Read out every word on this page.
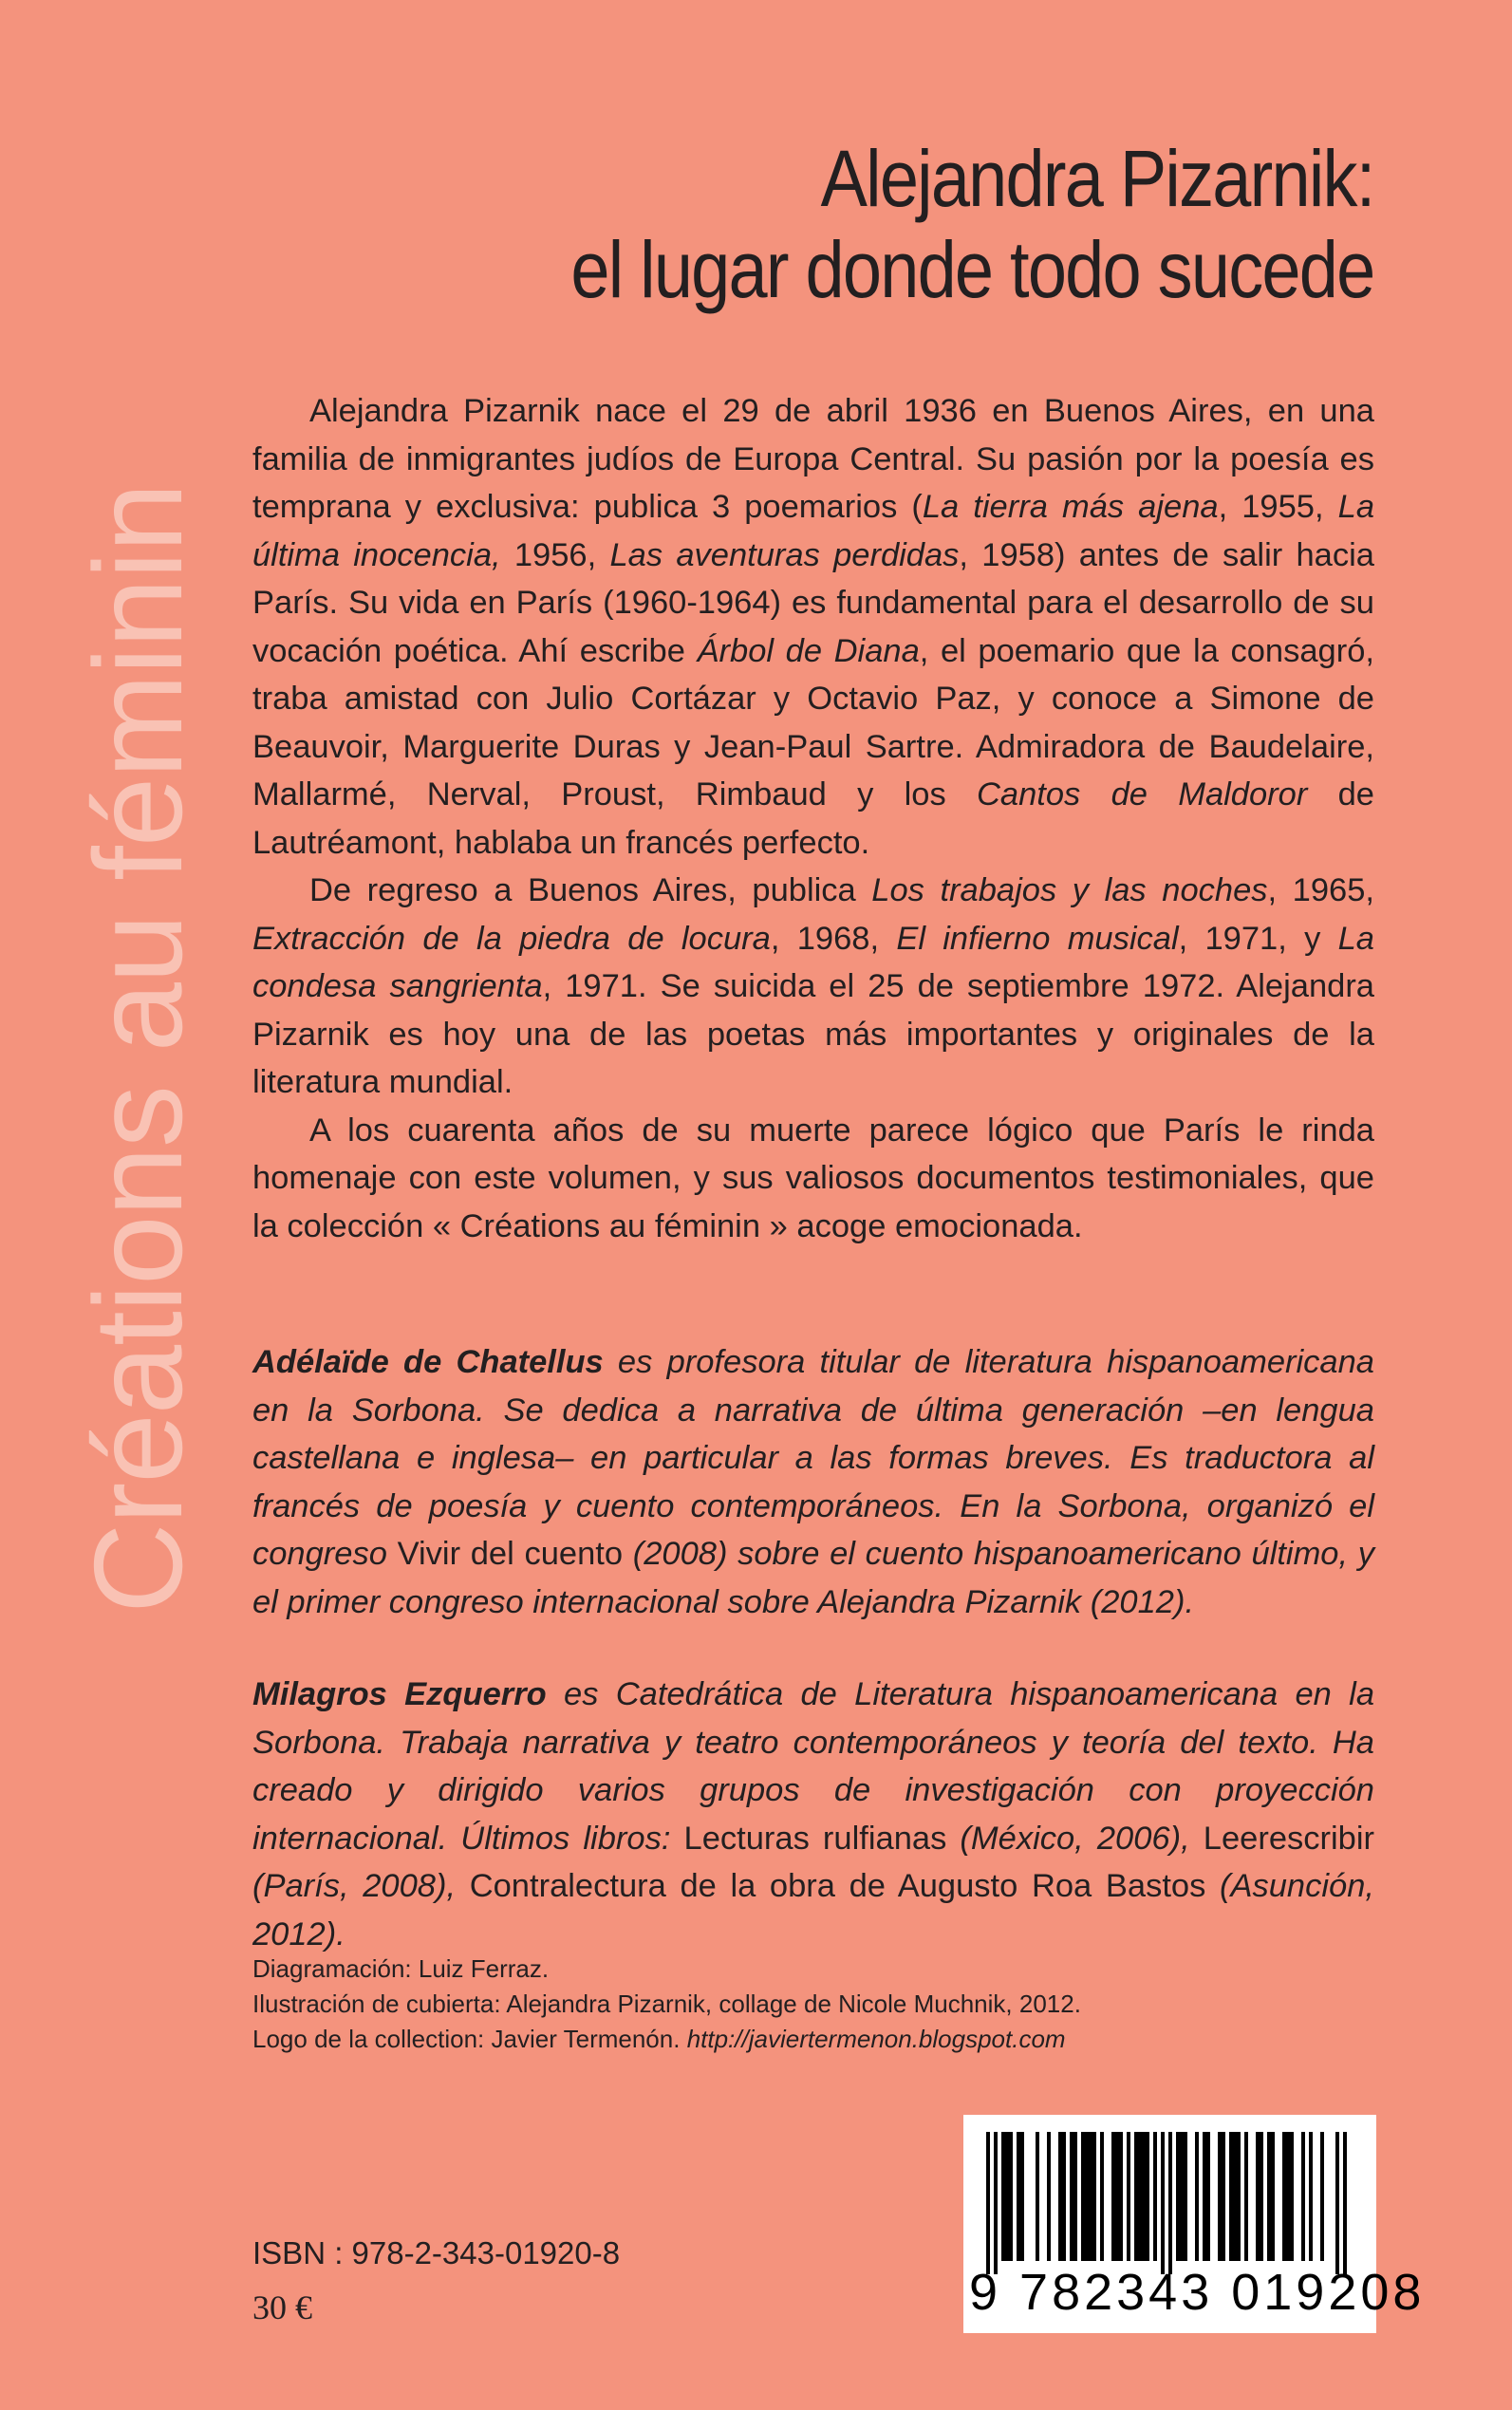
Créations au féminin
Alejandra Pizarnik:
el lugar donde todo sucede

Alejandra Pizarnik nace el 29 de abril 1936 en Buenos Aires, en una familia de inmigrantes judíos de Europa Central. Su pasión por la poesía es temprana y exclusiva: publica 3 poemarios (La tierra más ajena, 1955, La última inocencia, 1956, Las aventuras perdidas, 1958) antes de salir hacia París. Su vida en París (1960-1964) es fundamental para el desarrollo de su vocación poética. Ahí escribe Árbol de Diana, el poemario que la consagró, traba amistad con Julio Cortázar y Octavio Paz, y conoce a Simone de Beauvoir, Marguerite Duras y Jean-Paul Sartre. Admiradora de Baudelaire, Mallarmé, Nerval, Proust, Rimbaud y los Cantos de Maldoror de Lautréamont, hablaba un francés perfecto.

De regreso a Buenos Aires, publica Los trabajos y las noches, 1965, Extracción de la piedra de locura, 1968, El infierno musical, 1971, y La condesa sangrienta, 1971. Se suicida el 25 de septiembre 1972. Alejandra Pizarnik es hoy una de las poetas más importantes y originales de la literatura mundial.

A los cuarenta años de su muerte parece lógico que París le rinda homenaje con este volumen, y sus valiosos documentos testimoniales, que la colección « Créations au féminin » acoge emocionada.

Adélaïde de Chatellus es profesora titular de literatura hispanoamericana en la Sorbona. Se dedica a narrativa de última generación –en lengua castellana e inglesa– en particular a las formas breves. Es traductora al francés de poesía y cuento contemporáneos. En la Sorbona, organizó el congreso Vivir del cuento (2008) sobre el cuento hispanoamericano último, y el primer congreso internacional sobre Alejandra Pizarnik (2012).

Milagros Ezquerro es Catedrática de Literatura hispanoamericana en la Sorbona. Trabaja narrativa y teatro contemporáneos y teoría del texto. Ha creado y dirigido varios grupos de investigación con proyección internacional. Últimos libros: Lecturas rulfianas (México, 2006), Leerescribir (París, 2008), Contralectura de la obra de Augusto Roa Bastos (Asunción, 2012).

Diagramación: Luiz Ferraz.
Ilustración de cubierta: Alejandra Pizarnik, collage de Nicole Muchnik, 2012.
Logo de la collection: Javier Termenón. http://javiertermenon.blogspot.com
ISBN : 978-2-343-01920-8
30 €	9 782343 019208
